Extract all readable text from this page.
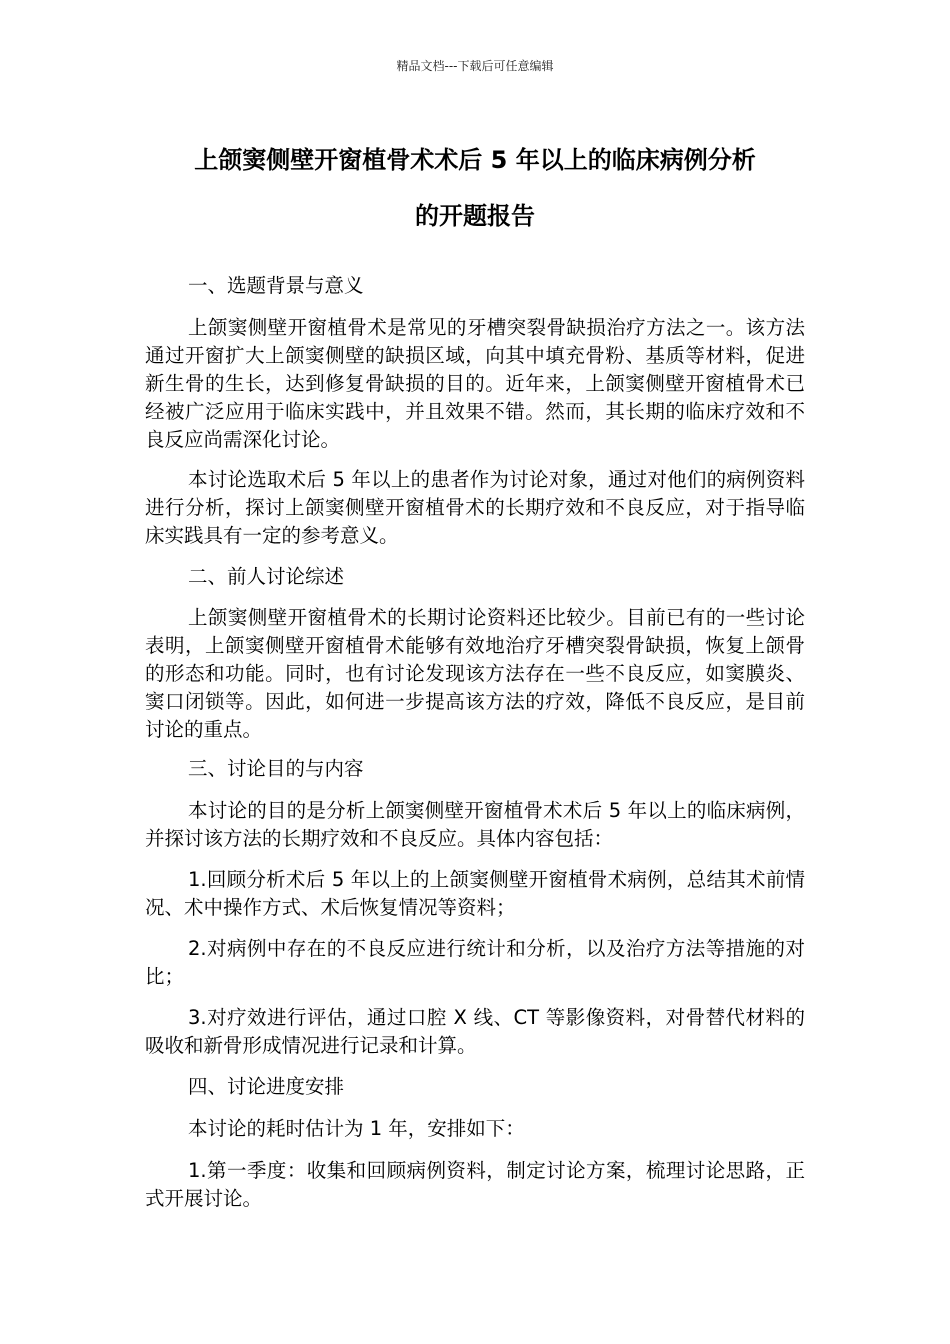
精品文档---下载后可任意编辑
上颌窦侧壁开窗植骨术术后 5 年以上的临床病例分析
的开题报告

一、选题背景与意义

上颌窦侧壁开窗植骨术是常见的牙槽突裂骨缺损治疗方法之一。该方法通过开窗扩大上颌窦侧壁的缺损区域，向其中填充骨粉、基质等材料，促进新生骨的生长，达到修复骨缺损的目的。近年来，上颌窦侧壁开窗植骨术已经被广泛应用于临床实践中，并且效果不错。然而，其长期的临床疗效和不良反应尚需深化讨论。

本讨论选取术后 5 年以上的患者作为讨论对象，通过对他们的病例资料进行分析，探讨上颌窦侧壁开窗植骨术的长期疗效和不良反应，对于指导临床实践具有一定的参考意义。

二、前人讨论综述

上颌窦侧壁开窗植骨术的长期讨论资料还比较少。目前已有的一些讨论表明，上颌窦侧壁开窗植骨术能够有效地治疗牙槽突裂骨缺损，恢复上颌骨的形态和功能。同时，也有讨论发现该方法存在一些不良反应，如窦膜炎、窦口闭锁等。因此，如何进一步提高该方法的疗效，降低不良反应，是目前讨论的重点。

三、讨论目的与内容

本讨论的目的是分析上颌窦侧壁开窗植骨术术后 5 年以上的临床病例，并探讨该方法的长期疗效和不良反应。具体内容包括：

1.回顾分析术后 5 年以上的上颌窦侧壁开窗植骨术病例，总结其术前情况、术中操作方式、术后恢复情况等资料；

2.对病例中存在的不良反应进行统计和分析，以及治疗方法等措施的对比；

3.对疗效进行评估，通过口腔 X 线、CT 等影像资料，对骨替代材料的吸收和新骨形成情况进行记录和计算。

四、讨论进度安排

本讨论的耗时估计为 1 年，安排如下：

1.第一季度：收集和回顾病例资料，制定讨论方案，梳理讨论思路，正式开展讨论。
